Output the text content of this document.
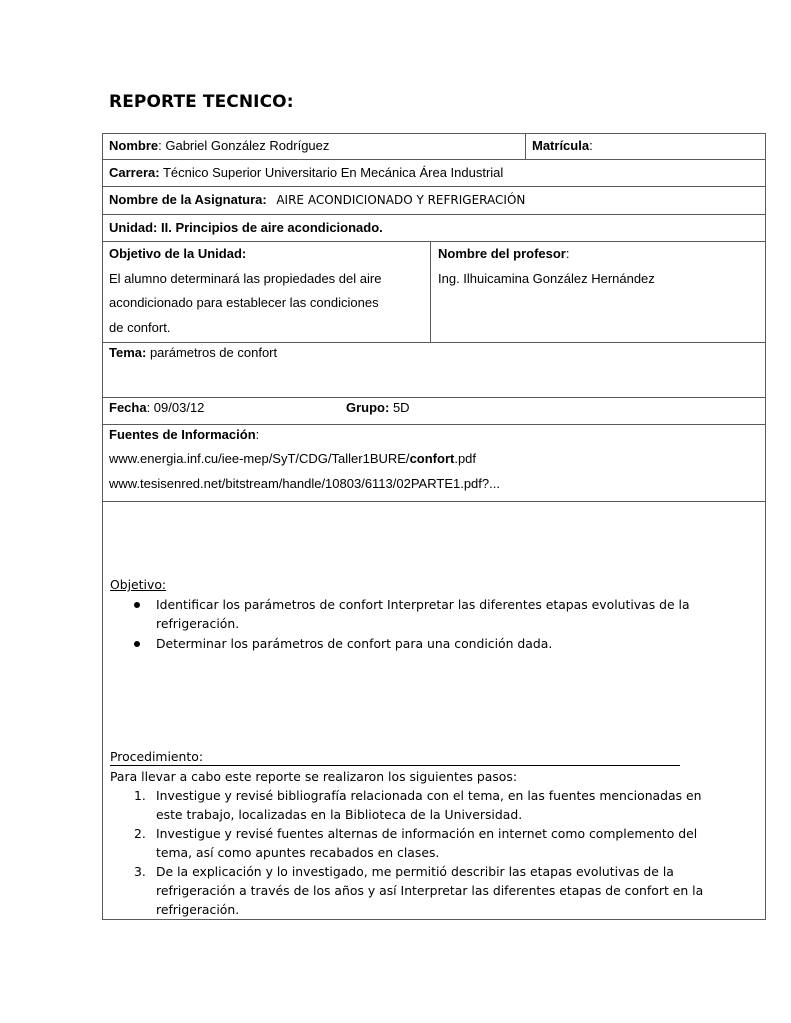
REPORTE TECNICO:
Nombre: Gabriel González Rodríguez	Matrícula:
Carrera: Técnico Superior Universitario En Mecánica Área Industrial
Nombre de la Asignatura: AIRE ACONDICIONADO Y REFRIGERACIÓN
Unidad: II. Principios de aire acondicionado.
Objetivo de la Unidad:
El alumno determinará las propiedades del aire
acondicionado para establecer las condiciones
de confort.
Nombre del profesor:
Ing. Ilhuicamina González Hernández
Tema: parámetros de confort
Fecha: 09/03/12	Grupo: 5D
Fuentes de Información:
www.energia.inf.cu/iee-mep/SyT/CDG/Taller1BURE/confort.pdf
www.tesisenred.net/bitstream/handle/10803/6113/02PARTE1.pdf?...
Objetivo:
Identificar los parámetros de confort Interpretar las diferentes etapas evolutivas de la
refrigeración.
Determinar los parámetros de confort para una condición dada.
Procedimiento:
Para llevar a cabo este reporte se realizaron los siguientes pasos:
1. Investigue y revisé bibliografía relacionada con el tema, en las fuentes mencionadas en
este trabajo, localizadas en la Biblioteca de la Universidad.
2. Investigue y revisé fuentes alternas de información en internet como complemento del
tema, así como apuntes recabados en clases.
3. De la explicación y lo investigado, me permitió describir las etapas evolutivas de la
refrigeración a través de los años y así Interpretar las diferentes etapas de confort en la
refrigeración.
